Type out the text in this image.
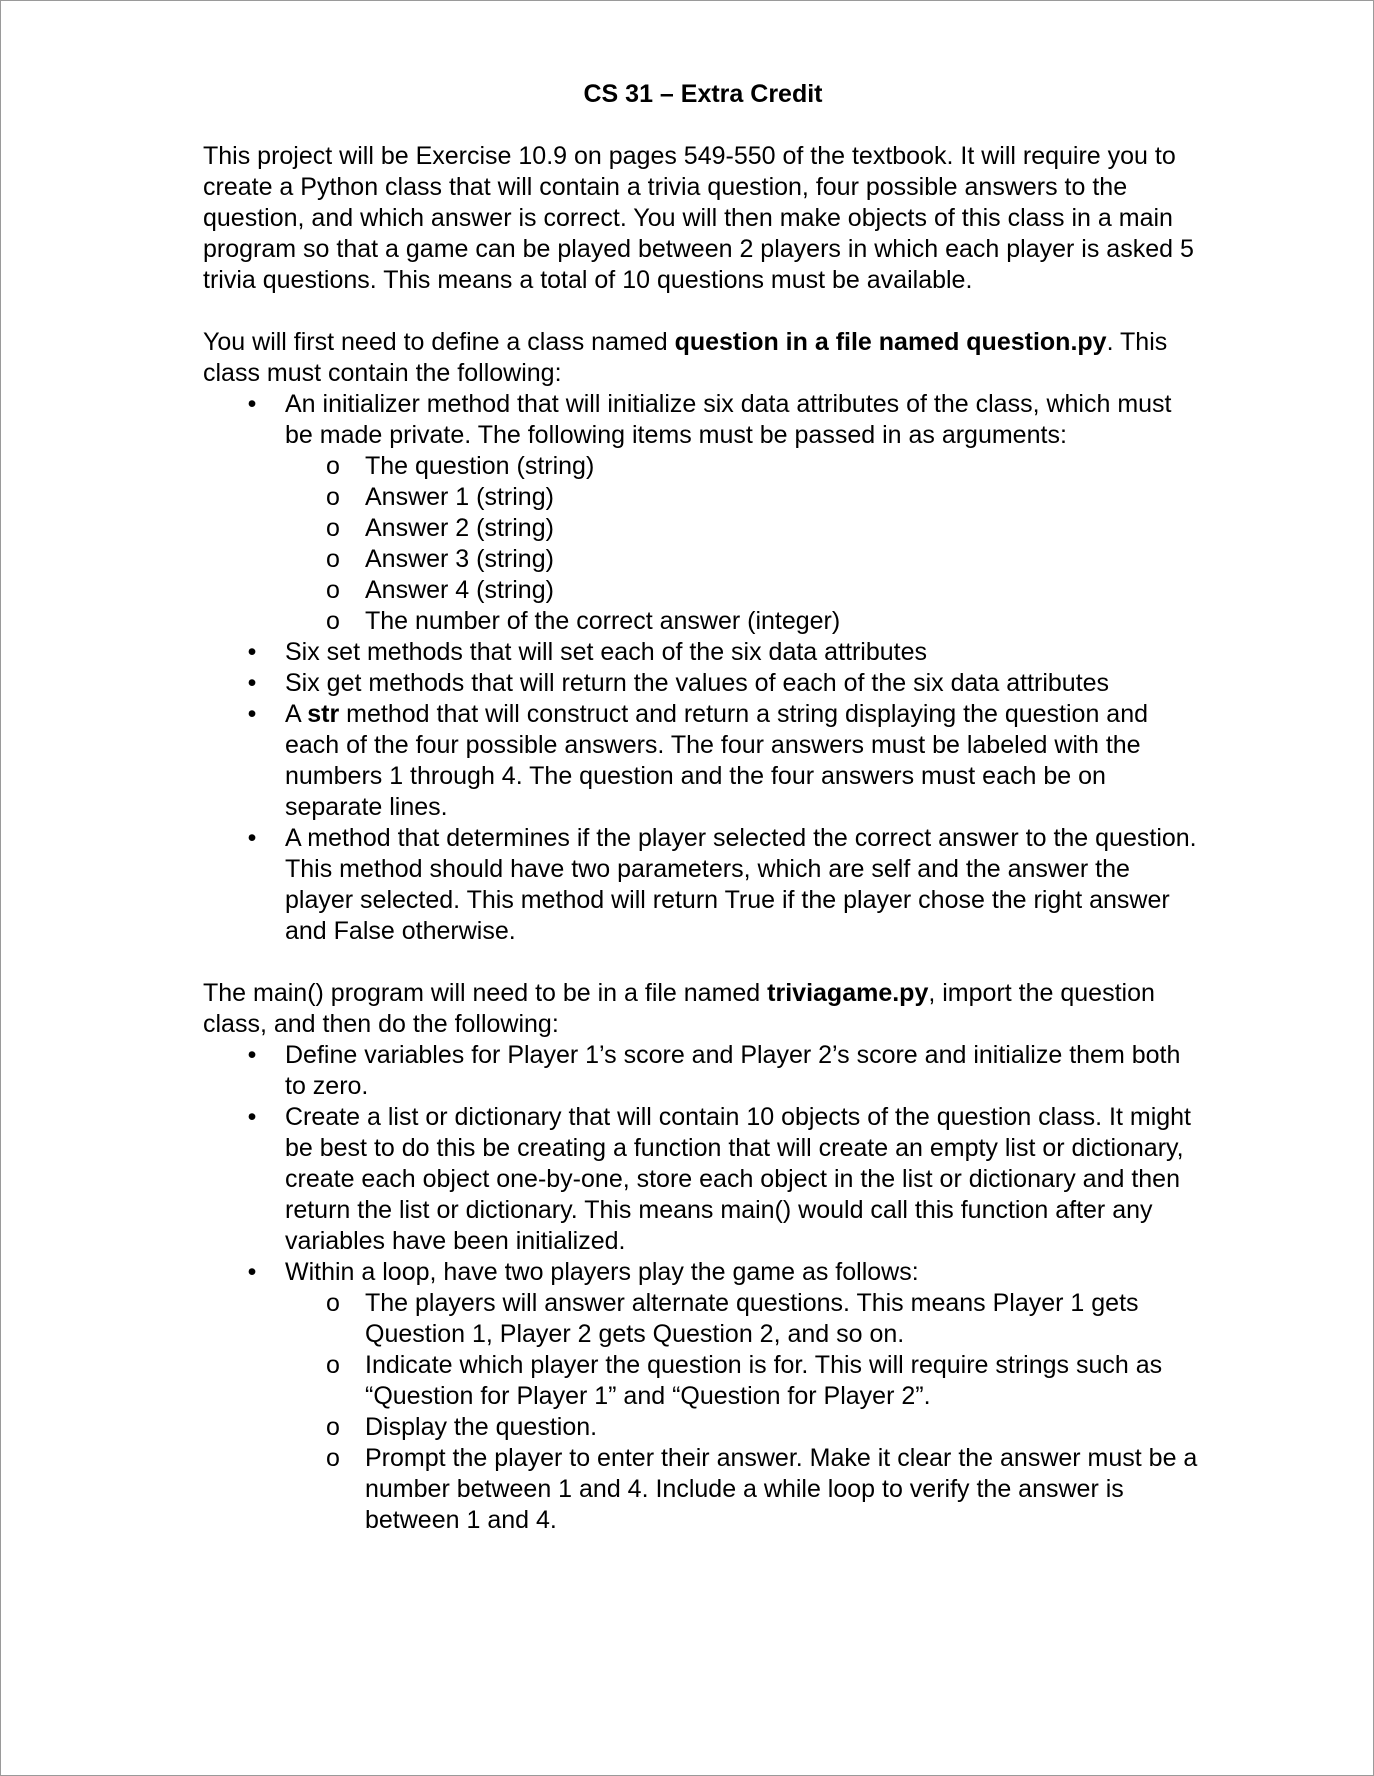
CS 31 – Extra Credit

This project will be Exercise 10.9 on pages 549-550 of the textbook. It will require you to create a Python class that will contain a trivia question, four possible answers to the question, and which answer is correct. You will then make objects of this class in a main program so that a game can be played between 2 players in which each player is asked 5 trivia questions. This means a total of 10 questions must be available.

You will first need to define a class named question in a file named question.py. This class must contain the following:

• An initializer method that will initialize six data attributes of the class, which must be made private. The following items must be passed in as arguments:
o The question (string)
o Answer 1 (string)
o Answer 2 (string)
o Answer 3 (string)
o Answer 4 (string)
o The number of the correct answer (integer)
• Six set methods that will set each of the six data attributes
• Six get methods that will return the values of each of the six data attributes
• A str method that will construct and return a string displaying the question and each of the four possible answers. The four answers must be labeled with the numbers 1 through 4. The question and the four answers must each be on separate lines.
• A method that determines if the player selected the correct answer to the question. This method should have two parameters, which are self and the answer the player selected. This method will return True if the player chose the right answer and False otherwise.

The main() program will need to be in a file named triviagame.py, import the question class, and then do the following:

• Define variables for Player 1’s score and Player 2’s score and initialize them both to zero.
• Create a list or dictionary that will contain 10 objects of the question class. It might be best to do this be creating a function that will create an empty list or dictionary, create each object one-by-one, store each object in the list or dictionary and then return the list or dictionary. This means main() would call this function after any variables have been initialized.
• Within a loop, have two players play the game as follows:
o The players will answer alternate questions. This means Player 1 gets Question 1, Player 2 gets Question 2, and so on.
o Indicate which player the question is for. This will require strings such as “Question for Player 1” and “Question for Player 2”.
o Display the question.
o Prompt the player to enter their answer. Make it clear the answer must be a number between 1 and 4. Include a while loop to verify the answer is between 1 and 4.
